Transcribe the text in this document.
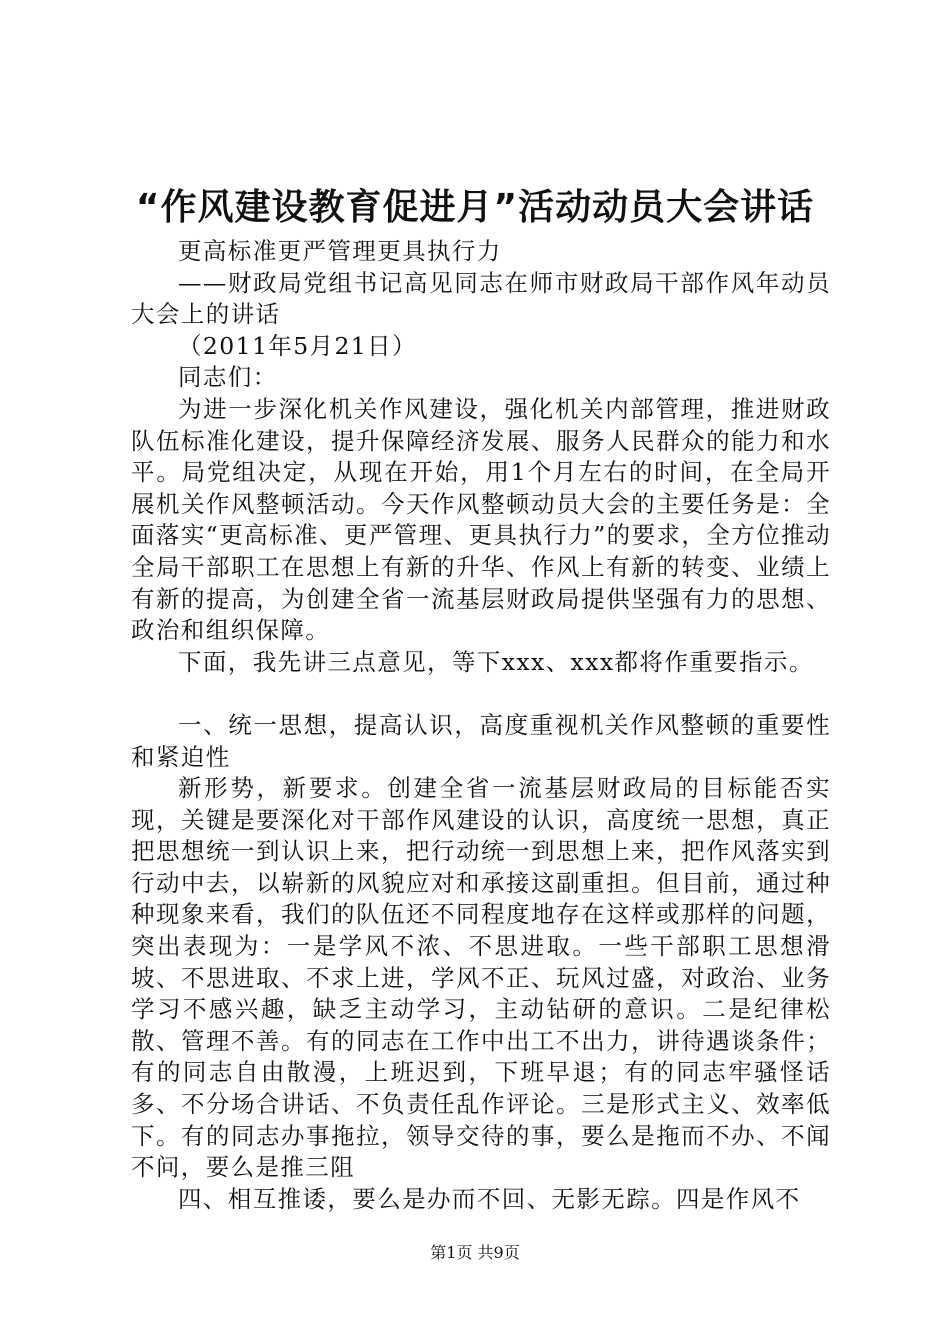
“作风建设教育促进月”活动动员大会讲话

更高标准更严管理更具执行力

——财政局党组书记高见同志在师市财政局干部作风年动员大会上的讲话

（2011年5月21日）

同志们：

为进一步深化机关作风建设，强化机关内部管理，推进财政队伍标准化建设，提升保障经济发展、服务人民群众的能力和水平。局党组决定，从现在开始，用1个月左右的时间，在全局开展机关作风整顿活动。今天作风整顿动员大会的主要任务是：全面落实“更高标准、更严管理、更具执行力”的要求，全方位推动全局干部职工在思想上有新的升华、作风上有新的转变、业绩上有新的提高，为创建全省一流基层财政局提供坚强有力的思想、政治和组织保障。

下面，我先讲三点意见，等下xxx、xxx都将作重要指示。

一、统一思想，提高认识，高度重视机关作风整顿的重要性和紧迫性

新形势，新要求。创建全省一流基层财政局的目标能否实现，关键是要深化对干部作风建设的认识，高度统一思想，真正把思想统一到认识上来，把行动统一到思想上来，把作风落实到行动中去，以崭新的风貌应对和承接这副重担。但目前，通过种种现象来看，我们的队伍还不同程度地存在这样或那样的问题，突出表现为：一是学风不浓、不思进取。一些干部职工思想滑坡、不思进取、不求上进，学风不正、玩风过盛，对政治、业务学习不感兴趣，缺乏主动学习，主动钻研的意识。二是纪律松散、管理不善。有的同志在工作中出工不出力，讲待遇谈条件；有的同志自由散漫，上班迟到，下班早退；有的同志牢骚怪话多、不分场合讲话、不负责任乱作评论。三是形式主义、效率低下。有的同志办事拖拉，领导交待的事，要么是拖而不办、不闻不问，要么是推三阻

四、相互推诿，要么是办而不回、无影无踪。四是作风不

第1页 共9页
